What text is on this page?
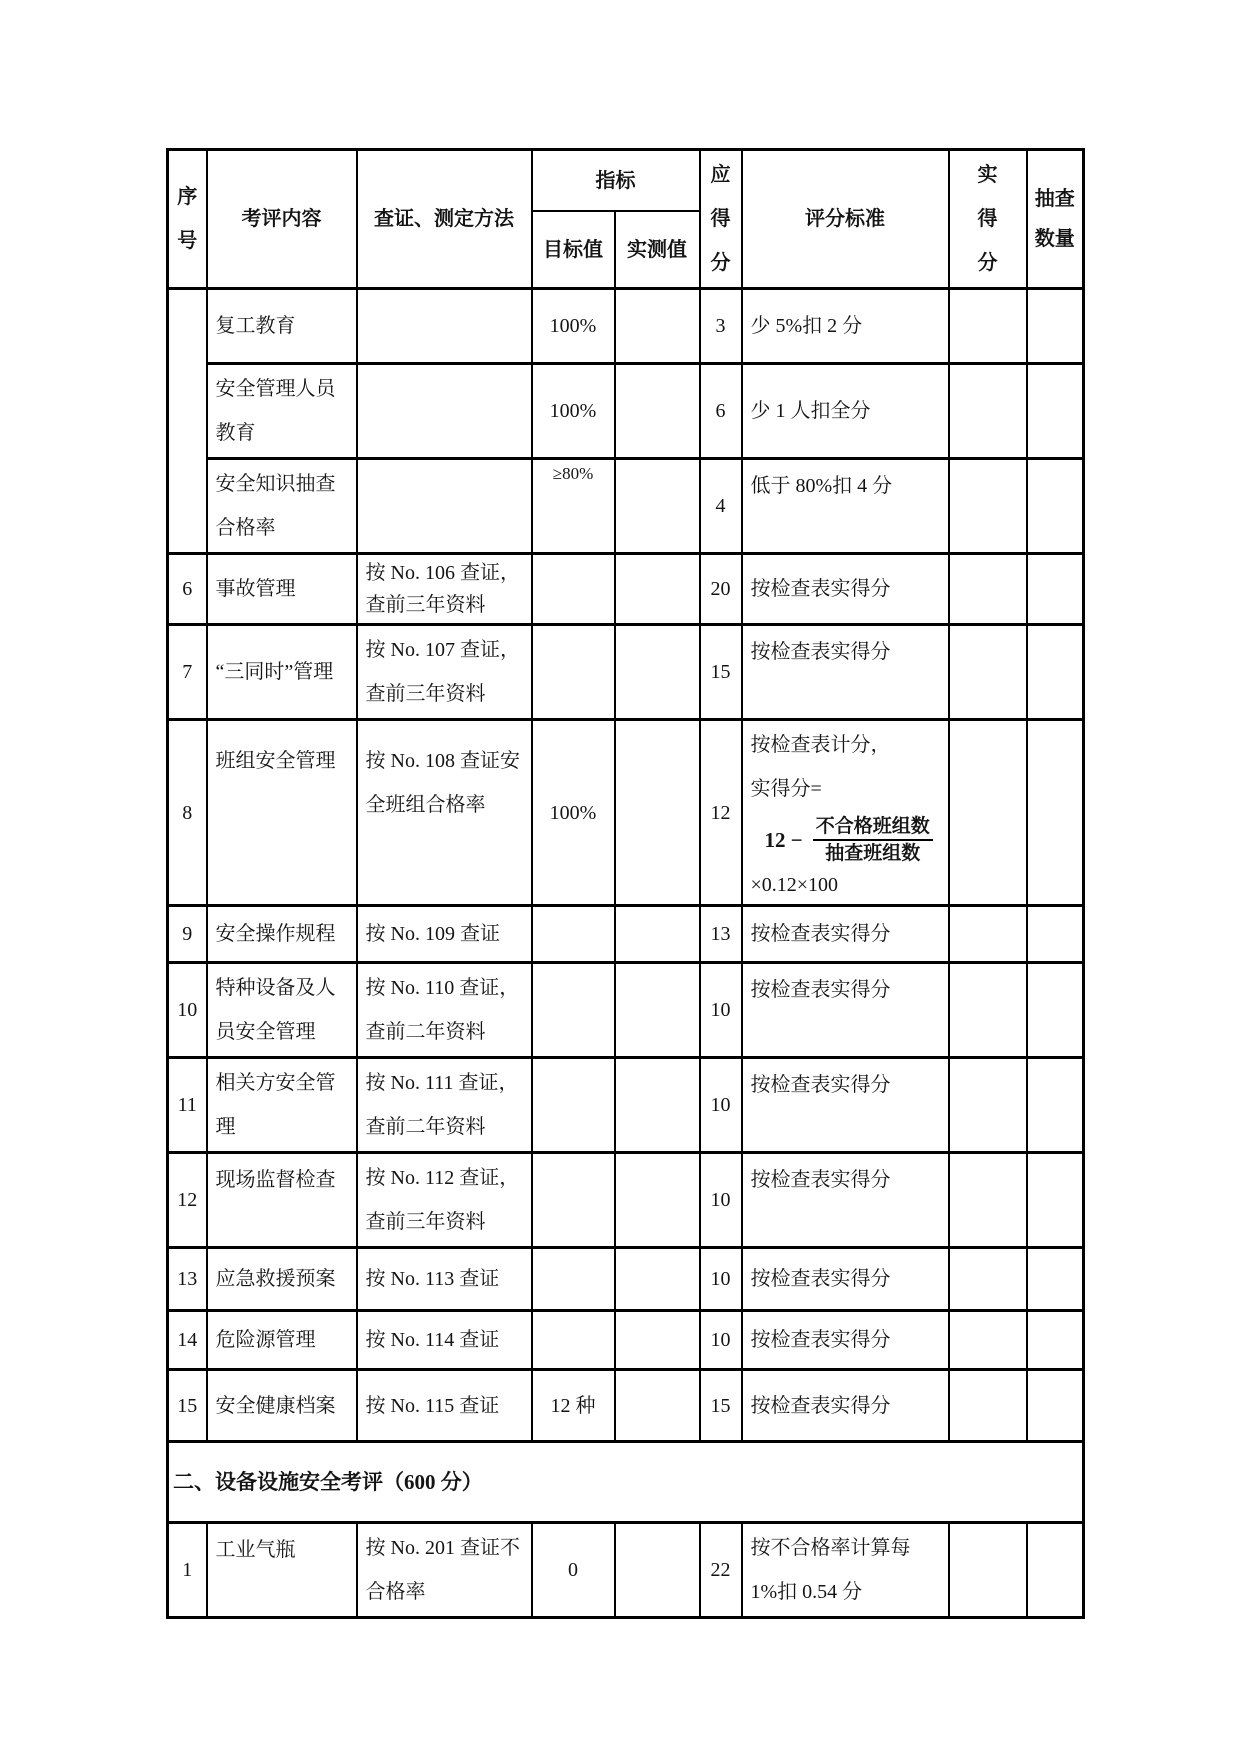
序号	考评内容	查证、测定方法	指标		应得分	评分标准	实得分	抽查数量
			目标值	实测值				
	复工教育		100%		3	少 5%扣 2 分		
	安全管理人员教育		100%		6	少 1 人扣全分		
	安全知识抽查合格率		≥80%		4	低于 80%扣 4 分		
6	事故管理	按 No. 106 查证，查前三年资料			20	按检查表实得分		
7	“三同时”管理	按 No. 107 查证，查前三年资料			15	按检查表实得分		
8	班组安全管理	按 No. 108 查证安全班组合格率	100%		12	
按检查表计分，
实得分=
$12 - \frac{\text{不合格班组数}}{\text{抽查班组数}}$
×0.12×100

9	安全操作规程	按 No. 109 查证			13	按检查表实得分		
10	特种设备及人员安全管理	按 No. 110 查证，查前二年资料			10	按检查表实得分		
11	相关方安全管理	按 No. 111 查证，查前二年资料			10	按检查表实得分		
12	现场监督检查	按 No. 112 查证，查前三年资料			10	按检查表实得分		
13	应急救援预案	按 No. 113 查证			10	按检查表实得分		
14	危险源管理	按 No. 114 查证			10	按检查表实得分		
15	安全健康档案	按 No. 115 查证	12 种		15	按检查表实得分		
二、设备设施安全考评（600 分）								
1	工业气瓶	按 No. 201 查证不合格率	0		22	按不合格率计算每 1%扣 0.54 分		
